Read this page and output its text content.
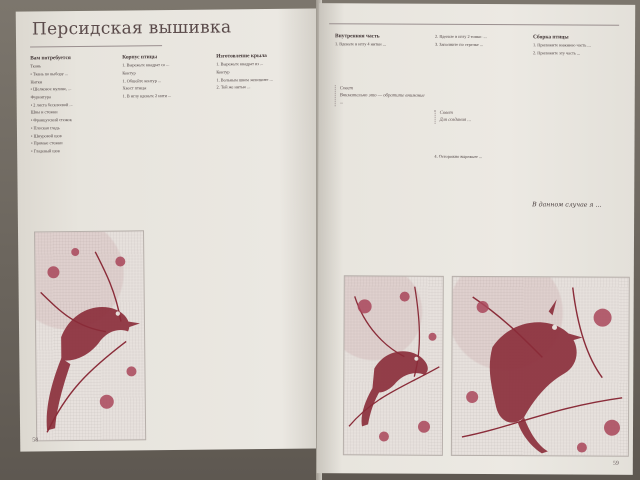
Персидская вышивка
Вам потребуется

Ткань

• Ткань по выбору ...

Нитки

• Шелковое мулине, ...

Фурнитура

• 2 листа бесклеевой ...

Швы и стежки

• Французский стежок

• Плоская гладь

• Шнуровой шов

• Прямые стежки

• Гладевый шов

Корпус птицы

1. Вырежьте квадрат со ...

Контур

1. Обшейте контур ...

Хвост птицы

1. В иглу вденьте 2 нити ...

Изготовление крыла

1. Вырежьте квадрат из ...

Контур

1. Вольным швом заполните ...

2. Той же нитью ...

58
Внутренняя часть

1. Вденьте в иглу 4 нитки ...

2. Вденьте в иглу 2 тонко- ...

3. Заполните по стрелке ...

Сборка птицы

1. Приложите нижнюю часть ...

2. Приложите эту часть ...

Совет
Внимательно это — обратите внимание ...
Совет
Для создания ...

4. Осторожно вырежьте ...

В данном случае я ...
59
